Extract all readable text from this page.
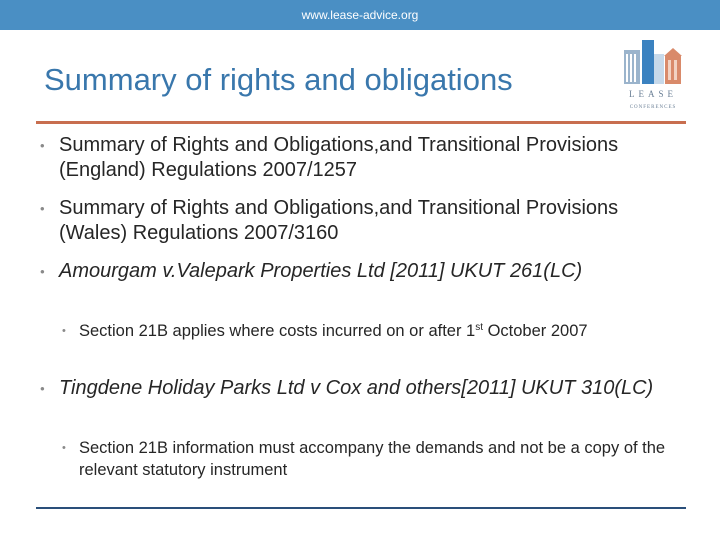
www.lease-advice.org
Summary of rights and obligations	LEASE
CONFERENCES
• Summary of Rights and Obligations,and Transitional Provisions (England) Regulations 2007/1257
• Summary of Rights and Obligations,and Transitional Provisions (Wales) Regulations 2007/3160
• Amourgam v.Valepark Properties Ltd [2011] UKUT 261(LC)
• Section 21B applies where costs incurred on or after 1st October 2007
• Tingdene Holiday Parks Ltd v Cox and others[2011] UKUT 310(LC)
• Section 21B information must accompany the demands and not be a copy of the relevant statutory instrument
